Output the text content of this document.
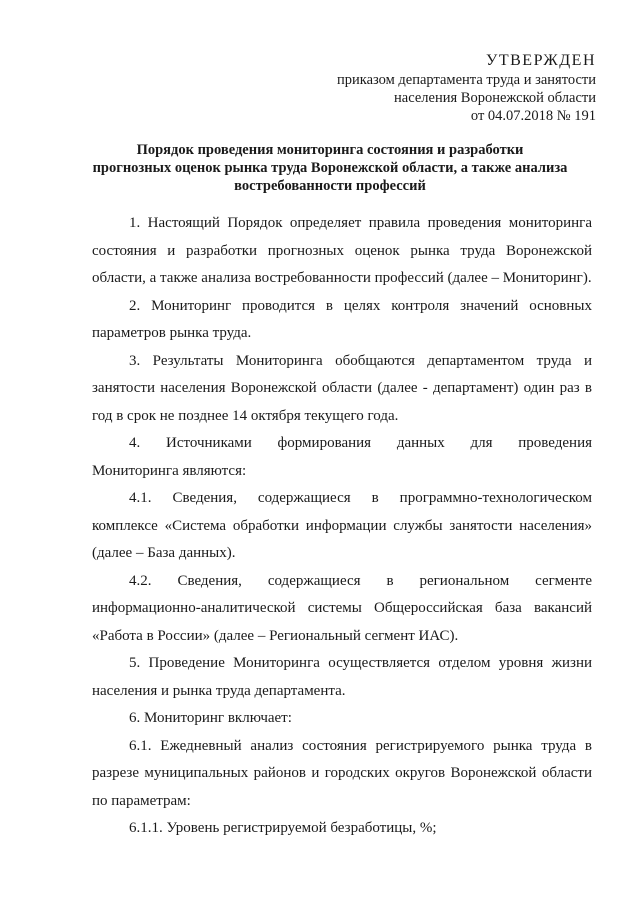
УТВЕРЖДЕН
приказом департамента труда и занятости
населения Воронежской области
от 04.07.2018 № 191
Порядок проведения мониторинга состояния и разработки
прогнозных оценок рынка труда Воронежской области, а также анализа
востребованности профессий

1. Настоящий Порядок определяет правила проведения мониторинга
состояния и разработки прогнозных оценок рынка труда Воронежской области, а также анализа востребованности профессий (далее – Мониторинг).

2. Мониторинг проводится в целях контроля значений основных
параметров рынка труда.

3. Результаты Мониторинга обобщаются департаментом труда и
занятости населения Воронежской области (далее - департамент) один раз в год в срок не позднее 14 октября текущего года.

4. Источниками формирования данных для проведения
Мониторинга являются:

4.1. Сведения, содержащиеся в программно-технологическом
комплексе «Система обработки информации службы занятости населения» (далее – База данных).

4.2. Сведения, содержащиеся в региональном сегменте
информационно-аналитической системы Общероссийская база вакансий «Работа в России» (далее – Региональный сегмент ИАС).

5. Проведение Мониторинга осуществляется отделом уровня жизни
населения и рынка труда департамента.

6. Мониторинг включает:

6.1. Ежедневный анализ состояния регистрируемого рынка труда в
разрезе муниципальных районов и городских округов Воронежской области по параметрам:

6.1.1. Уровень регистрируемой безработицы, %;
